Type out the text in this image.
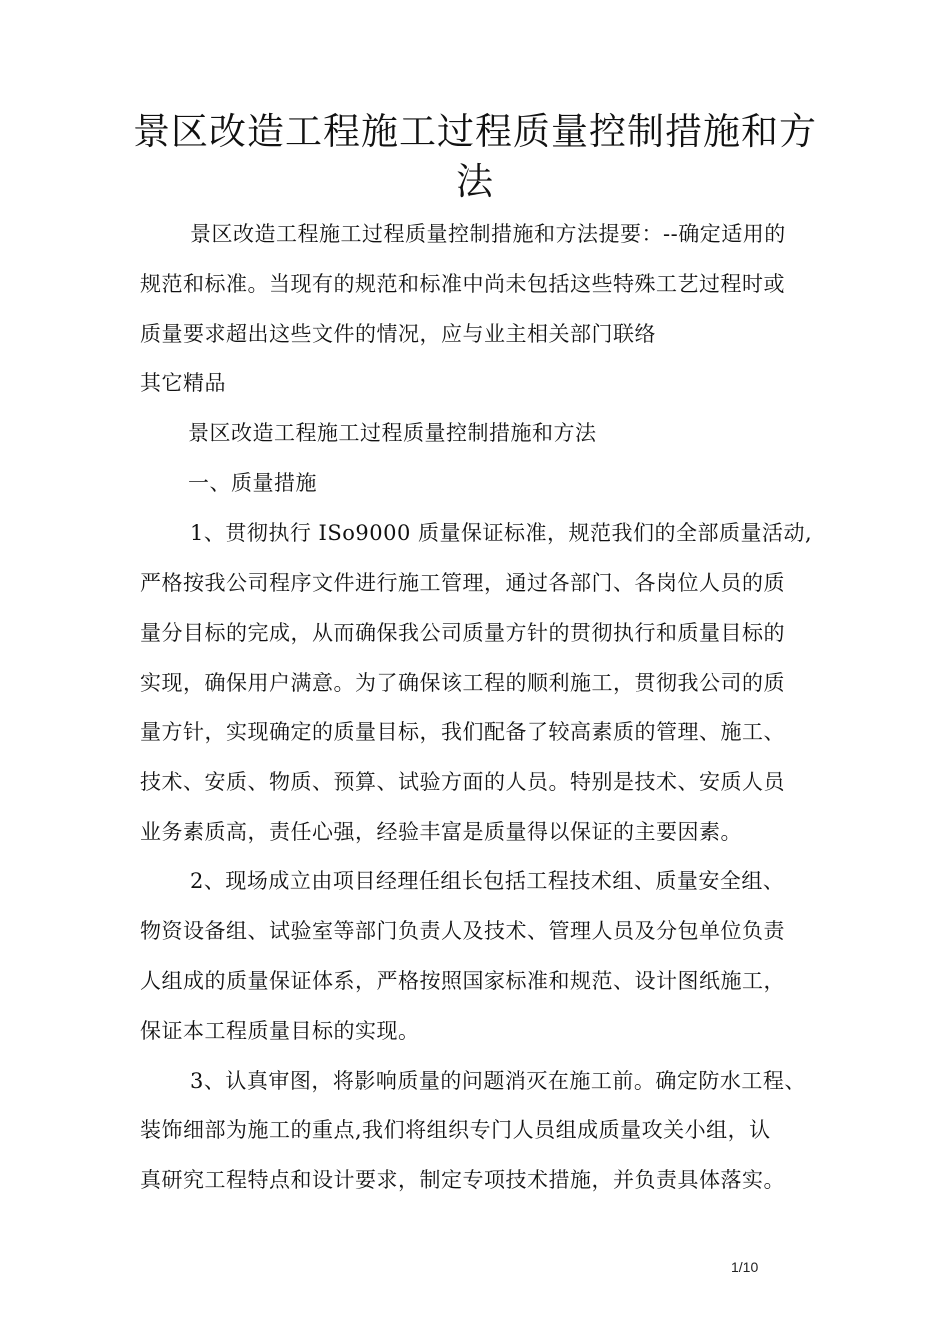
景区改造工程施工过程质量控制措施和方
法
景区改造工程施工过程质量控制措施和方法提要：--确定适用的
规范和标准。当现有的规范和标准中尚未包括这些特殊工艺过程时或
质量要求超出这些文件的情况，应与业主相关部门联络
其它精品
景区改造工程施工过程质量控制措施和方法
一、质量措施
1、贯彻执行 ISo9000 质量保证标准，规范我们的全部质量活动,
严格按我公司程序文件进行施工管理，通过各部门、各岗位人员的质
量分目标的完成，从而确保我公司质量方针的贯彻执行和质量目标的
实现，确保用户满意。为了确保该工程的顺利施工，贯彻我公司的质
量方针，实现确定的质量目标，我们配备了较高素质的管理、施工、
技术、安质、物质、预算、试验方面的人员。特别是技术、安质人员
业务素质高，责任心强，经验丰富是质量得以保证的主要因素。
2、现场成立由项目经理任组长包括工程技术组、质量安全组、
物资设备组、试验室等部门负责人及技术、管理人员及分包单位负责
人组成的质量保证体系，严格按照国家标准和规范、设计图纸施工，
保证本工程质量目标的实现。
3、认真审图，将影响质量的问题消灭在施工前。确定防水工程、
装饰细部为施工的重点,我们将组织专门人员组成质量攻关小组，认
真研究工程特点和设计要求，制定专项技术措施，并负责具体落实。
1/10
